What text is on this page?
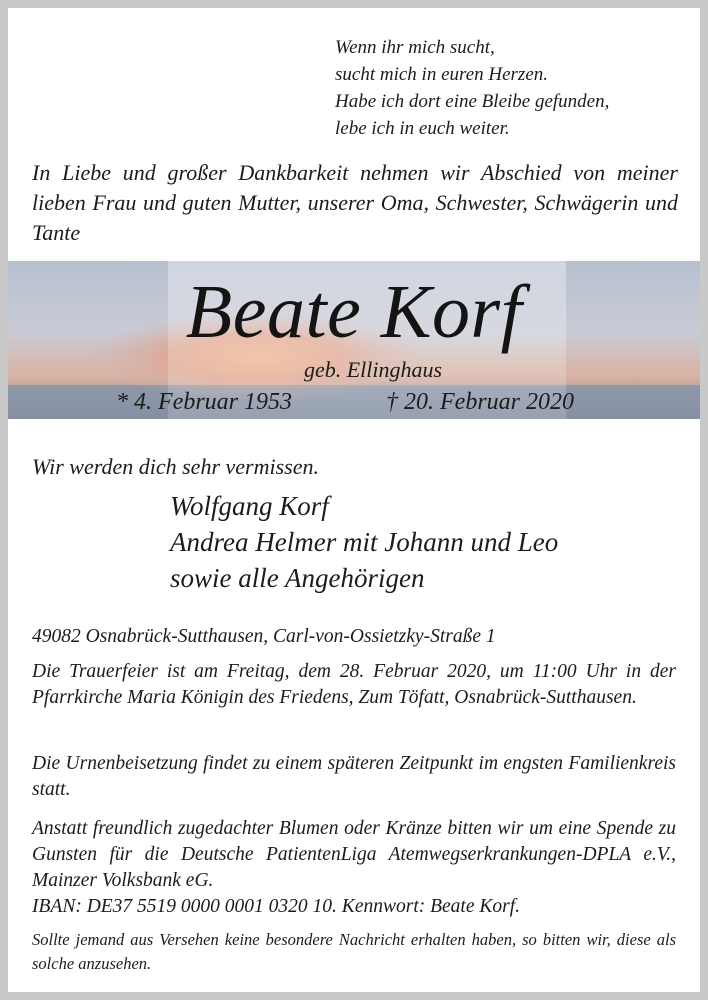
Wenn ihr mich sucht,
sucht mich in euren Herzen.
Habe ich dort eine Bleibe gefunden,
lebe ich in euch weiter.

In Liebe und großer Dankbarkeit nehmen wir Abschied von meiner lieben Frau und guten Mutter, unserer Oma, Schwester, Schwägerin und Tante

Beate Korf
geb. Ellinghaus
* 4. Februar 1953	† 20. Februar 2020
Wir werden dich sehr vermissen.
Wolfgang Korf
Andrea Helmer mit Johann und Leo
sowie alle Angehörigen

49082 Osnabrück-Sutthausen, Carl-von-Ossietzky-Straße 1

Die Trauerfeier ist am Freitag, dem 28. Februar 2020, um 11:00 Uhr in der Pfarrkirche Maria Königin des Friedens, Zum Töfatt, Osnabrück-Sutthausen.

Die Urnenbeisetzung findet zu einem späteren Zeitpunkt im engsten Familienkreis statt.

Anstatt freundlich zugedachter Blumen oder Kränze bitten wir um eine Spende zu Gunsten für die Deutsche PatientenLiga Atemwegserkrankungen-DPLA e.V., Mainzer Volksbank eG.

IBAN: DE37 5519 0000 0001 0320 10. Kennwort: Beate Korf.

Sollte jemand aus Versehen keine besondere Nachricht erhalten haben, so bitten wir, diese als solche anzusehen.
